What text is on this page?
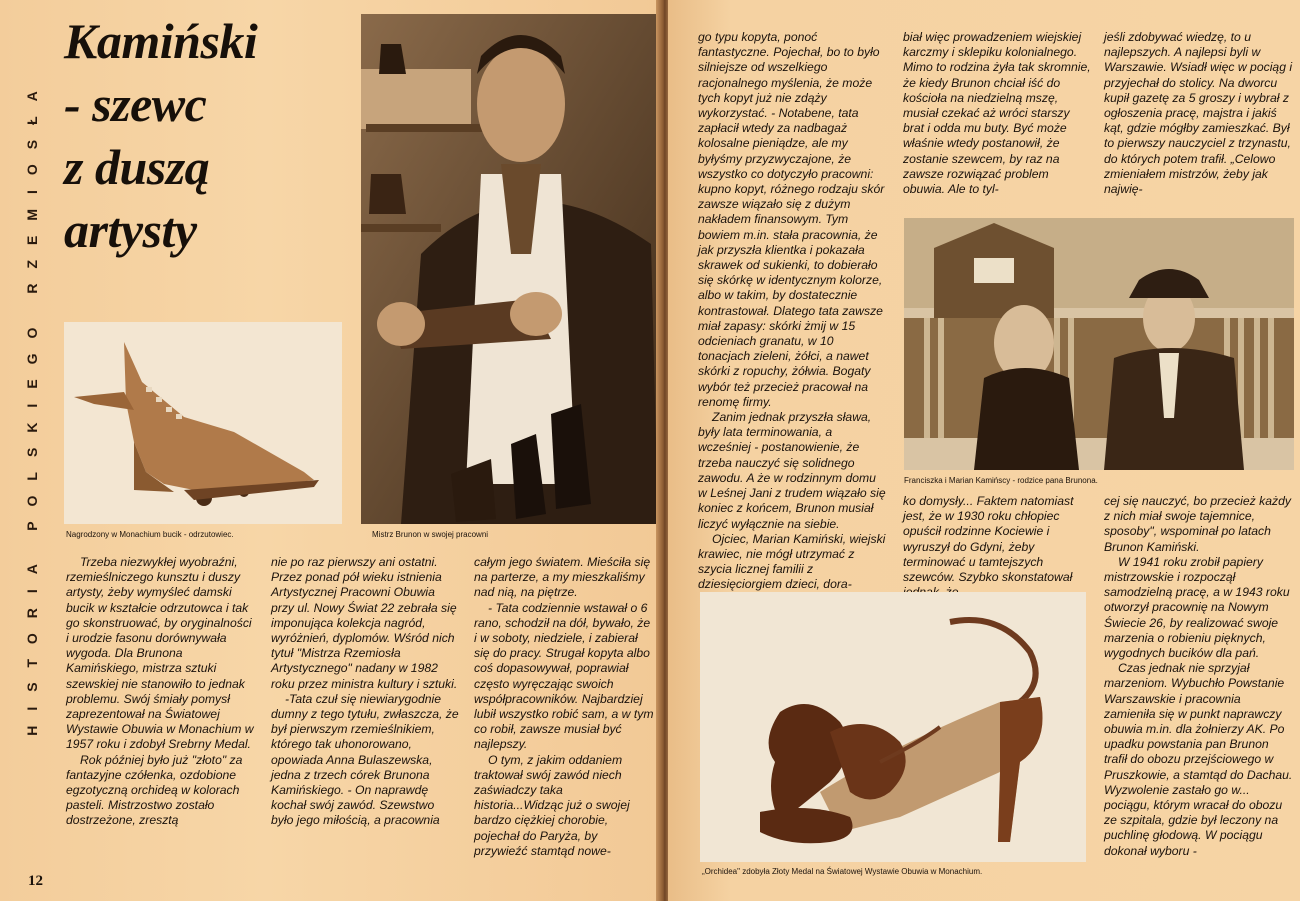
HISTORIA POLSKIEGO RZEMIOSŁA
Kamiński
- szewc
z duszą
artysty
Nagrodzony w Monachium bucik - odrzutowiec.	Mistrz Brunon w swojej pracowni

Trzeba niezwykłej wyobraźni, rzemieślniczego kunsztu i duszy artysty, żeby wymyśleć damski bucik w kształcie odrzutowca i tak go skonstruować, by oryginalności i urodzie fasonu dorównywała wygoda. Dla Brunona Kamińskiego, mistrza sztuki szewskiej nie stanowiło to jednak problemu. Swój śmiały pomysł zaprezentował na Światowej Wystawie Obuwia w Monachium w 1957 roku i zdobył Srebrny Medal.

Rok później było już "złoto" za fantazyjne czółenka, ozdobione egzotyczną orchideą w kolorach pasteli. Mistrzostwo zostało dostrzeżone, zresztą

nie po raz pierwszy ani ostatni. Przez ponad pół wieku istnienia Artystycznej Pracowni Obuwia przy ul. Nowy Świat 22 zebrała się imponująca kolekcja nagród, wyróżnień, dyplomów. Wśród nich tytuł "Mistrza Rzemiosła Artystycznego" nadany w 1982 roku przez ministra kultury i sztuki.

-Tata czuł się niewiarygodnie dumny z tego tytułu, zwłaszcza, że był pierwszym rzemieślnikiem, którego tak uhonorowano, opowiada Anna Bulaszewska, jedna z trzech córek Brunona Kamińskiego. - On naprawdę kochał swój zawód. Szewstwo było jego miłością, a pracownia

całym jego światem. Mieściła się na parterze, a my mieszkaliśmy nad nią, na piętrze.

- Tata codziennie wstawał o 6 rano, schodził na dół, bywało, że i w soboty, niedziele, i zabierał się do pracy. Strugał kopyta albo coś dopasowywał, poprawiał często wyręczając swoich współpracowników. Najbardziej lubił wszystko robić sam, a w tym co robił, zawsze musiał być najlepszy.

O tym, z jakim oddaniem traktował swój zawód niech zaświadczy taka historia...Widząc już o swojej bardzo ciężkiej chorobie, pojechał do Paryża, by przywieźć stamtąd nowe-

12

go typu kopyta, ponoć fantastyczne. Pojechał, bo to było silniejsze od wszelkiego racjonalnego myślenia, że może tych kopyt już nie zdąży wykorzystać. - Notabene, tata zapłacił wtedy za nadbagaż kolosalne pieniądze, ale my byłyśmy przyzwyczajone, że wszystko co dotyczyło pracowni: kupno kopyt, różnego rodzaju skór zawsze wiązało się z dużym nakładem finansowym. Tym bowiem m.in. stała pracownia, że jak przyszła klientka i pokazała skrawek od sukienki, to dobierało się skórkę w identycznym kolorze, albo w takim, by dostatecznie kontrastował. Dlatego tata zawsze miał zapasy: skórki żmij w 15 odcieniach granatu, w 10 tonacjach zieleni, żółci, a nawet skórki z ropuchy, żółwia. Bogaty wybór też przecież pracował na renomę firmy.

Zanim jednak przyszła sława, były lata terminowania, a wcześniej - postanowienie, że trzeba nauczyć się solidnego zawodu. A że w rodzinnym domu w Leśnej Jani z trudem wiązało się koniec z końcem, Brunon musiał liczyć wyłącznie na siebie.

Ojciec, Marian Kamiński, wiejski krawiec, nie mógł utrzymać z szycia licznej familii z dziesięciorgiem dzieci, dora-

biał więc prowadzeniem wiejskiej karczmy i sklepiku kolonialnego. Mimo to rodzina żyła tak skromnie, że kiedy Brunon chciał iść do kościoła na niedzielną mszę, musiał czekać aż wróci starszy brat i odda mu buty. Być może właśnie wtedy postanowił, że zostanie szewcem, by raz na zawsze rozwiązać problem obuwia. Ale to tyl-

jeśli zdobywać wiedzę, to u najlepszych. A najlepsi byli w Warszawie. Wsiadł więc w pociąg i przyjechał do stolicy. Na dworcu kupił gazetę za 5 groszy i wybrał z ogłoszenia pracę, majstra i jakiś kąt, gdzie mógłby zamieszkać. Był to pierwszy nauczyciel z trzynastu, do których potem trafił. „Celowo zmieniałem mistrzów, żeby jak najwię-

Franciszka i Marian Kamińscy - rodzice pana Brunona.

ko domysły... Faktem natomiast jest, że w 1930 roku chłopiec opuścił rodzinne Kociewie i wyruszył do Gdyni, żeby terminować u tamtejszych szewców. Szybko skonstatował

cej się nauczyć, bo przecież każdy z nich miał swoje tajemnice, sposoby", wspominał po latach Brunon Kamiński.

W 1941 roku zrobił papiery mistrzowskie i rozpoczął samodzielną pracę, a w 1943 roku otworzył pracownię na Nowym Świecie 26, by realizować swoje marzenia o robieniu pięknych, wygodnych bucików dla pań.

Czas jednak nie sprzyjał marzeniom. Wybuchło Powstanie Warszawskie i pracownia zamieniła się w punkt naprawczy obuwia m.in. dla żołnierzy AK. Po upadku powstania pan Brunon trafił do obozu przejściowego w Pruszkowie, a stamtąd do Dachau. Wyzwolenie zastało go w... pociągu, którym wracał do obozu ze szpitala, gdzie był leczony na puchlinę głodową. W pociągu dokonał wyboru -

„Orchidea" zdobyła Złoty Medal na Światowej Wystawie Obuwia w Monachium.
